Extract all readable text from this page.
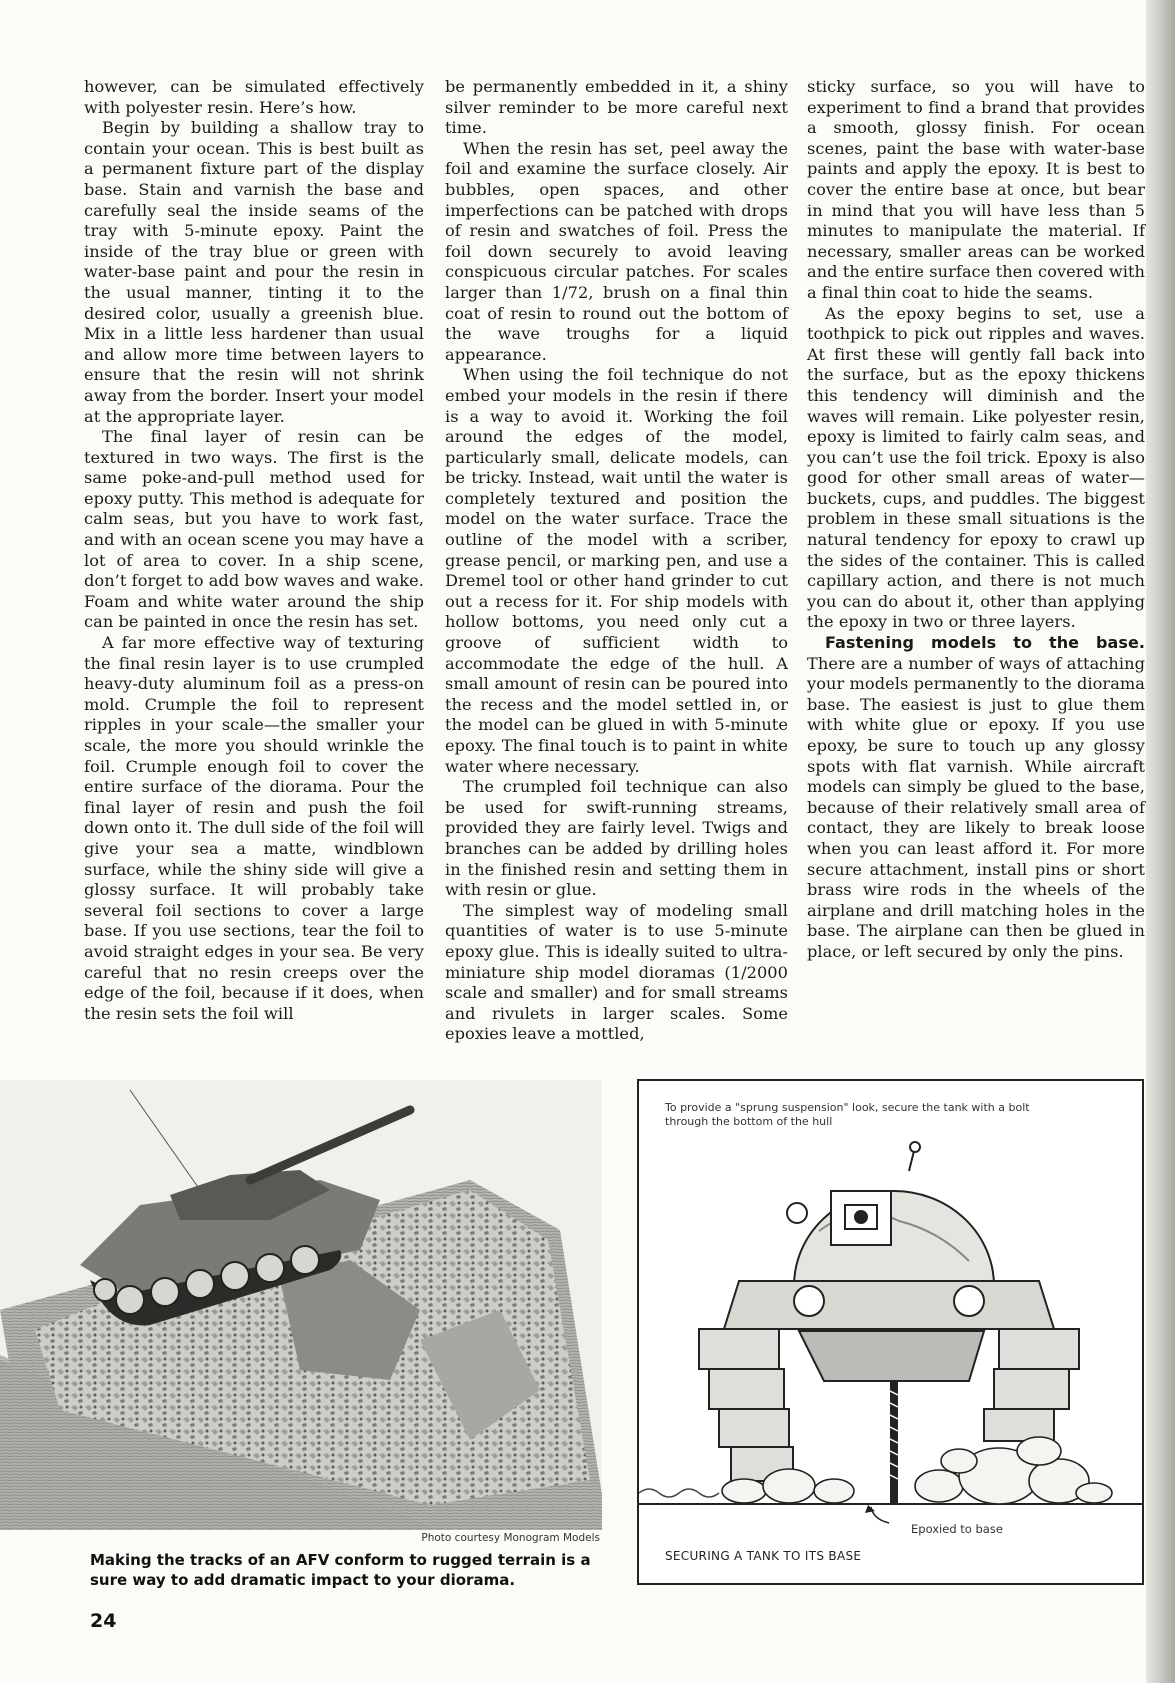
however, can be simulated effectively with polyester resin. Here’s how.

Begin by building a shallow tray to contain your ocean. This is best built as a permanent fixture part of the display base. Stain and varnish the base and carefully seal the inside seams of the tray with 5-minute epoxy. Paint the inside of the tray blue or green with water-base paint and pour the resin in the usual manner, tinting it to the desired color, usually a greenish blue. Mix in a little less hardener than usual and allow more time between layers to ensure that the resin will not shrink away from the border. Insert your model at the appropriate layer.

The final layer of resin can be textured in two ways. The first is the same poke-and-pull method used for epoxy putty. This method is adequate for calm seas, but you have to work fast, and with an ocean scene you may have a lot of area to cover. In a ship scene, don’t forget to add bow waves and wake. Foam and white water around the ship can be painted in once the resin has set.

A far more effective way of texturing the final resin layer is to use crumpled heavy-duty aluminum foil as a press-on mold. Crumple the foil to represent ripples in your scale—the smaller your scale, the more you should wrinkle the foil. Crumple enough foil to cover the entire surface of the diorama. Pour the final layer of resin and push the foil down onto it. The dull side of the foil will give your sea a matte, windblown surface, while the shiny side will give a glossy surface. It will probably take several foil sections to cover a large base. If you use sections, tear the foil to avoid straight edges in your sea. Be very careful that no resin creeps over the edge of the foil, because if it does, when the resin sets the foil will

be permanently embedded in it, a shiny silver reminder to be more careful next time.

When the resin has set, peel away the foil and examine the surface closely. Air bubbles, open spaces, and other imperfections can be patched with drops of resin and swatches of foil. Press the foil down securely to avoid leaving conspicuous circular patches. For scales larger than 1/72, brush on a final thin coat of resin to round out the bottom of the wave troughs for a liquid appearance.

When using the foil technique do not embed your models in the resin if there is a way to avoid it. Working the foil around the edges of the model, particularly small, delicate models, can be tricky. Instead, wait until the water is completely textured and position the model on the water surface. Trace the outline of the model with a scriber, grease pencil, or marking pen, and use a Dremel tool or other hand grinder to cut out a recess for it. For ship models with hollow bottoms, you need only cut a groove of sufficient width to accommodate the edge of the hull. A small amount of resin can be poured into the recess and the model settled in, or the model can be glued in with 5-minute epoxy. The final touch is to paint in white water where necessary.

The crumpled foil technique can also be used for swift-running streams, provided they are fairly level. Twigs and branches can be added by drilling holes in the finished resin and setting them in with resin or glue.

The simplest way of modeling small quantities of water is to use 5-minute epoxy glue. This is ideally suited to ultra-miniature ship model dioramas (1/2000 scale and smaller) and for small streams and rivulets in larger scales. Some epoxies leave a mottled,

sticky surface, so you will have to experiment to find a brand that provides a smooth, glossy finish. For ocean scenes, paint the base with water-base paints and apply the epoxy. It is best to cover the entire base at once, but bear in mind that you will have less than 5 minutes to manipulate the material. If necessary, smaller areas can be worked and the entire surface then covered with a final thin coat to hide the seams.

As the epoxy begins to set, use a toothpick to pick out ripples and waves. At first these will gently fall back into the surface, but as the epoxy thickens this tendency will diminish and the waves will remain. Like polyester resin, epoxy is limited to fairly calm seas, and you can’t use the foil trick. Epoxy is also good for other small areas of water—buckets, cups, and puddles. The biggest problem in these small situations is the natural tendency for epoxy to crawl up the sides of the container. This is called capillary action, and there is not much you can do about it, other than applying the epoxy in two or three layers.

Fastening models to the base. There are a number of ways of attaching your models permanently to the diorama base. The easiest is just to glue them with white glue or epoxy. If you use epoxy, be sure to touch up any glossy spots with flat varnish. While aircraft models can simply be glued to the base, because of their relatively small area of contact, they are likely to break loose when you can least afford it. For more secure attachment, install pins or short brass wire rods in the wheels of the airplane and drill matching holes in the base. The airplane can then be glued in place, or left secured by only the pins.

Photo courtesy Monogram Models
Making the tracks of an AFV conform to rugged terrain is a sure way to add dramatic impact to your diorama.
To provide a "sprung suspension" look, secure the tank with a bolt through the bottom of the hull
Epoxied to base
SECURING A TANK TO ITS BASE
24
